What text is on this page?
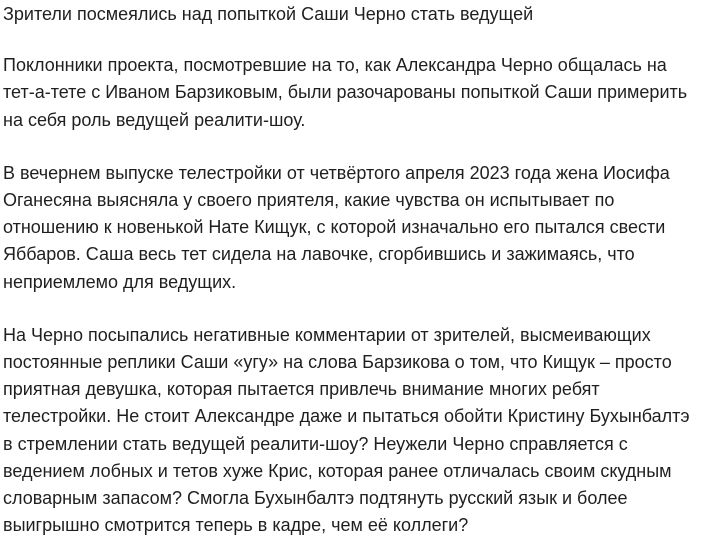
Зрители посмеялись над попыткой Саши Черно стать ведущей

Поклонники проекта, посмотревшие на то, как Александра Черно общалась на
тет-а-тете с Иваном Барзиковым, были разочарованы попыткой Саши примерить
на себя роль ведущей реалити-шоу.

В вечернем выпуске телестройки от четвёртого апреля 2023 года жена Иосифа
Оганесяна выясняла у своего приятеля, какие чувства он испытывает по
отношению к новенькой Нате Кищук, с которой изначально его пытался свести
Яббаров. Саша весь тет сидела на лавочке, сгорбившись и зажимаясь, что
неприемлемо для ведущих.

На Черно посыпались негативные комментарии от зрителей, высмеивающих
постоянные реплики Саши «угу» на слова Барзикова о том, что Кищук – просто
приятная девушка, которая пытается привлечь внимание многих ребят
телестройки. Не стоит Александре даже и пытаться обойти Кристину Бухынбалтэ
в стремлении стать ведущей реалити-шоу? Неужели Черно справляется с
ведением лобных и тетов хуже Крис, которая ранее отличалась своим скудным
словарным запасом? Смогла Бухынбалтэ подтянуть русский язык и более
выигрышно смотрится теперь в кадре, чем её коллеги?
